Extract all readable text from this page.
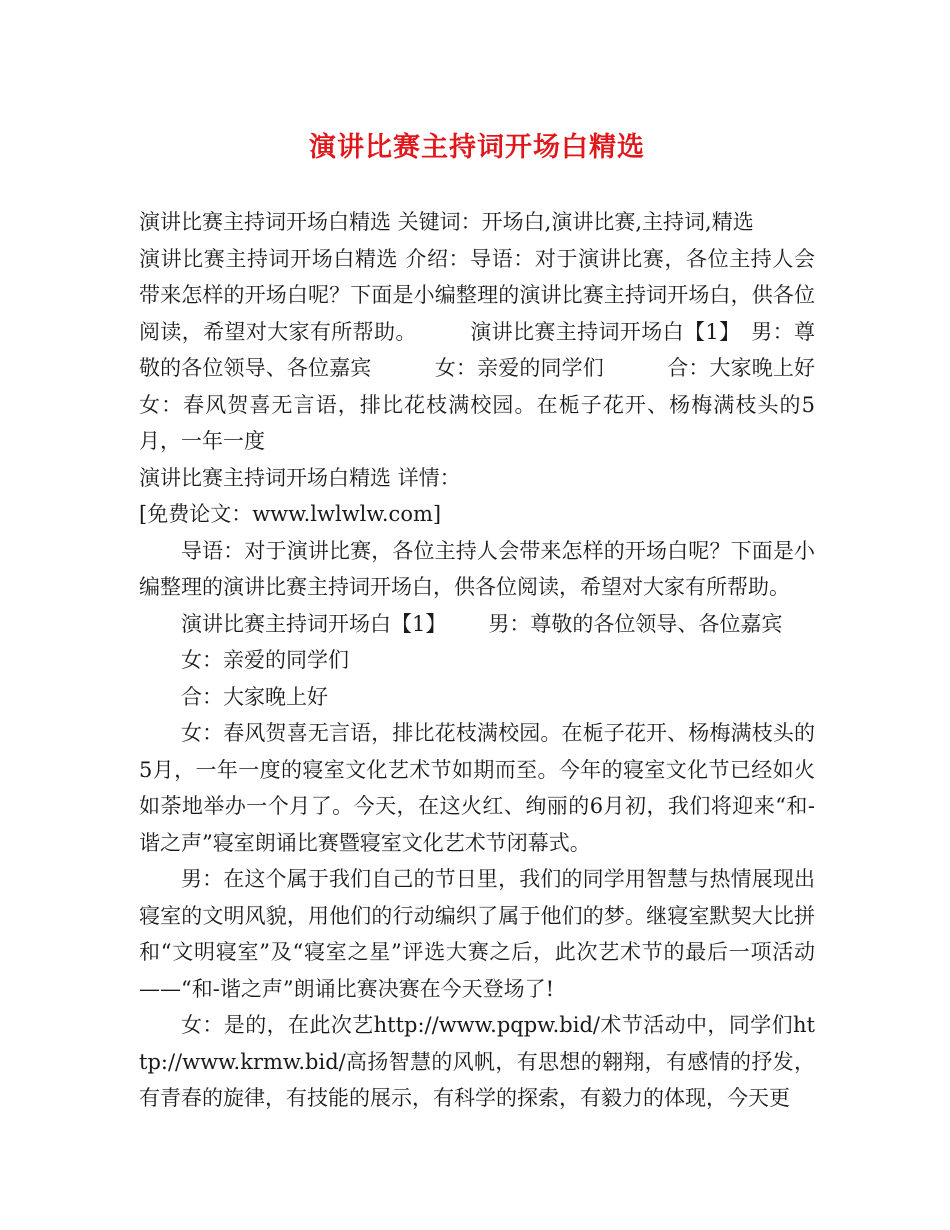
演讲比赛主持词开场白精选

演讲比赛主持词开场白精选 关键词：开场白,演讲比赛,主持词,精选

演讲比赛主持词开场白精选 介绍：导语：对于演讲比赛，各位主持人会带来怎样的开场白呢？下面是小编整理的演讲比赛主持词开场白，供各位阅读，希望对大家有所帮助。　　　演讲比赛主持词开场白【1】　男：尊敬的各位领导、各位嘉宾　　　女：亲爱的同学们　　　合：大家晚上好　　　女：春风贺喜无言语，排比花枝满校园。在栀子花开、杨梅满枝头的5月，一年一度

演讲比赛主持词开场白精选 详情：

[免费论文：www.lwlwlw.com]

导语：对于演讲比赛，各位主持人会带来怎样的开场白呢？下面是小编整理的演讲比赛主持词开场白，供各位阅读，希望对大家有所帮助。

演讲比赛主持词开场白【1】 男：尊敬的各位领导、各位嘉宾

女：亲爱的同学们

合：大家晚上好

女：春风贺喜无言语，排比花枝满校园。在栀子花开、杨梅满枝头的5月，一年一度的寝室文化艺术节如期而至。今年的寝室文化节已经如火如荼地举办一个月了。今天，在这火红、绚丽的6月初，我们将迎来“和-谐之声”寝室朗诵比赛暨寝室文化艺术节闭幕式。

男：在这个属于我们自己的节日里，我们的同学用智慧与热情展现出寝室的文明风貌，用他们的行动编织了属于他们的梦。继寝室默契大比拼和“文明寝室”及“寝室之星”评选大赛之后，此次艺术节的最后一项活动——“和-谐之声”朗诵比赛决赛在今天登场了!

女：是的，在此次艺http://www.pqpw.bid/术节活动中，同学们http://www.krmw.bid/高扬智慧的风帆，有思想的翱翔，有感情的抒发，有青春的旋律，有技能的展示，有科学的探索，有毅力的体现，今天更
